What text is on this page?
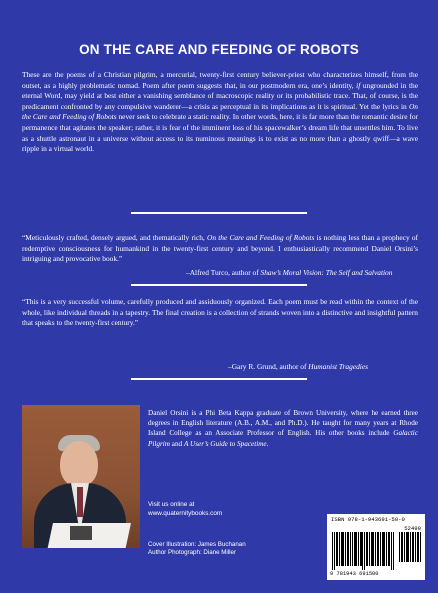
ON THE CARE AND FEEDING OF ROBOTS
These are the poems of a Christian pilgrim, a mercurial, twenty-first century believer-priest who characterizes himself, from the outset, as a highly problematic nomad. Poem after poem suggests that, in our postmodern era, one’s identity, if ungrounded in the eternal Word, may yield at best either a vanishing semblance of macroscopic reality or its probabilistic trace. That, of course, is the predicament confronted by any compulsive wanderer—a crisis as perceptual in its implications as it is spiritual. Yet the lyrics in On the Care and Feeding of Robots never seek to celebrate a static reality. In other words, here, it is far more than the romantic desire for permanence that agitates the speaker; rather, it is fear of the imminent loss of his spacewalker’s dream life that unsettles him. To live as a shuttle astronaut in a universe without access to its numinous meanings is to exist as no more than a ghostly qwiff—a wave ripple in a virtual world.
“Meticulously crafted, densely argued, and thematically rich, On the Care and Feeding of Robots is nothing less than a prophecy of redemptive consciousness for humankind in the twenty-first century and beyond. I enthusiastically recommend Daniel Orsini’s intriguing and provocative book.”
–Alfred Turco, author of Shaw’s Moral Vision: The Self and Salvation
“This is a very successful volume, carefully produced and assiduously organized. Each poem must be read within the context of the whole, like individual threads in a tapestry. The final creation is a collection of strands woven into a distinctive and insightful pattern that speaks to the twenty-first century.”
–Gary R. Grund, author of Humanist Tragedies
Daniel Orsini is a Phi Beta Kappa graduate of Brown University, where he earned three degrees in English literature (A.B., A.M., and Ph.D.). He taught for many years at Rhode Island College as an Associate Professor of English. His other books include Galactic Pilgrim and A User’s Guide to Spacetime.
Visit us online at
www.quaternitybooks.com
Cover Illustration: James Buchanan
Author Photograph: Diane Miller
ISBN 978-1-943691-50-0
52499
9 781943 691500
